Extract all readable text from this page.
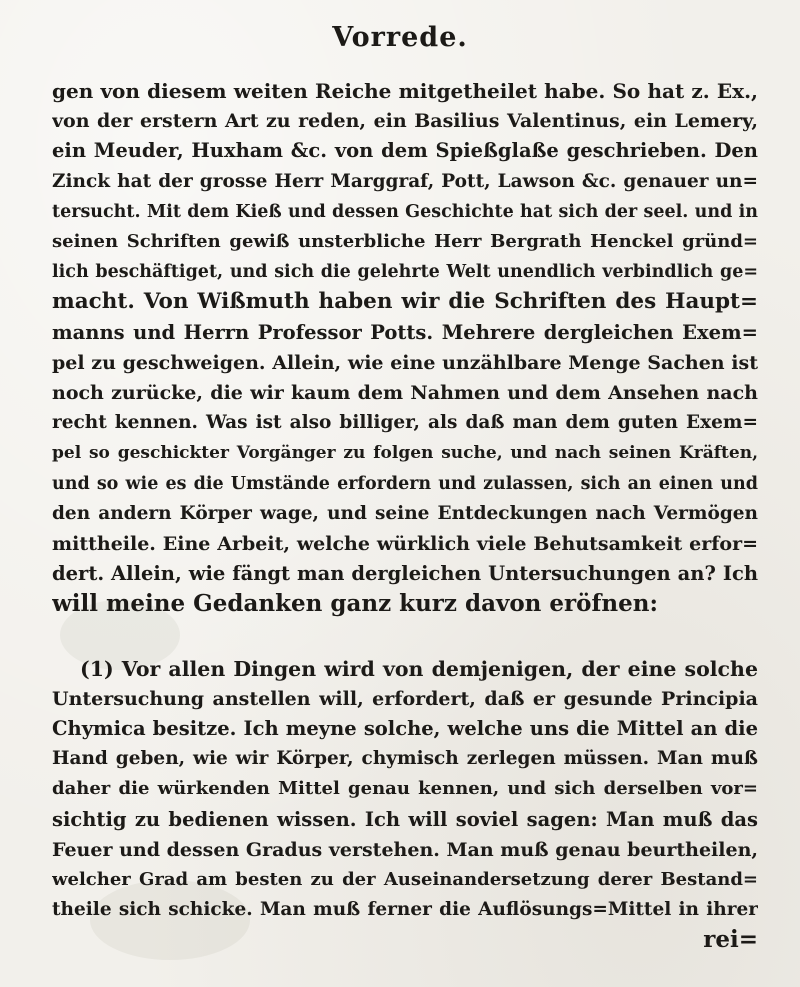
Vorrede.
gen von diesem weiten Reiche mitgetheilet habe. So hat z. Ex.,
von der erstern Art zu reden, ein Basilius Valentinus, ein Lemery,
ein Meuder, Huxham &c. von dem Spießglaße geschrieben. Den
Zinck hat der grosse Herr Marggraf, Pott, Lawson &c. genauer un=
tersucht. Mit dem Kieß und dessen Geschichte hat sich der seel. und in
seinen Schriften gewiß unsterbliche Herr Bergrath Henckel gründ=
lich beschäftiget, und sich die gelehrte Welt unendlich verbindlich ge=
macht. Von Wißmuth haben wir die Schriften des Haupt=
manns und Herrn Professor Potts. Mehrere dergleichen Exem=
pel zu geschweigen. Allein, wie eine unzählbare Menge Sachen ist
noch zurücke, die wir kaum dem Nahmen und dem Ansehen nach
recht kennen. Was ist also billiger, als daß man dem guten Exem=
pel so geschickter Vorgänger zu folgen suche, und nach seinen Kräften,
und so wie es die Umstände erfordern und zulassen, sich an einen und
den andern Körper wage, und seine Entdeckungen nach Vermögen
mittheile. Eine Arbeit, welche würklich viele Behutsamkeit erfor=
dert. Allein, wie fängt man dergleichen Untersuchungen an? Ich
will meine Gedanken ganz kurz davon eröfnen:
(1) Vor allen Dingen wird von demjenigen, der eine solche
Untersuchung anstellen will, erfordert, daß er gesunde Principia
Chymica besitze. Ich meyne solche, welche uns die Mittel an die
Hand geben, wie wir Körper, chymisch zerlegen müssen. Man muß
daher die würkenden Mittel genau kennen, und sich derselben vor=
sichtig zu bedienen wissen. Ich will soviel sagen: Man muß das
Feuer und dessen Gradus verstehen. Man muß genau beurtheilen,
welcher Grad am besten zu der Auseinandersetzung derer Bestand=
theile sich schicke. Man muß ferner die Auflösungs=Mittel in ihrer
rei=
